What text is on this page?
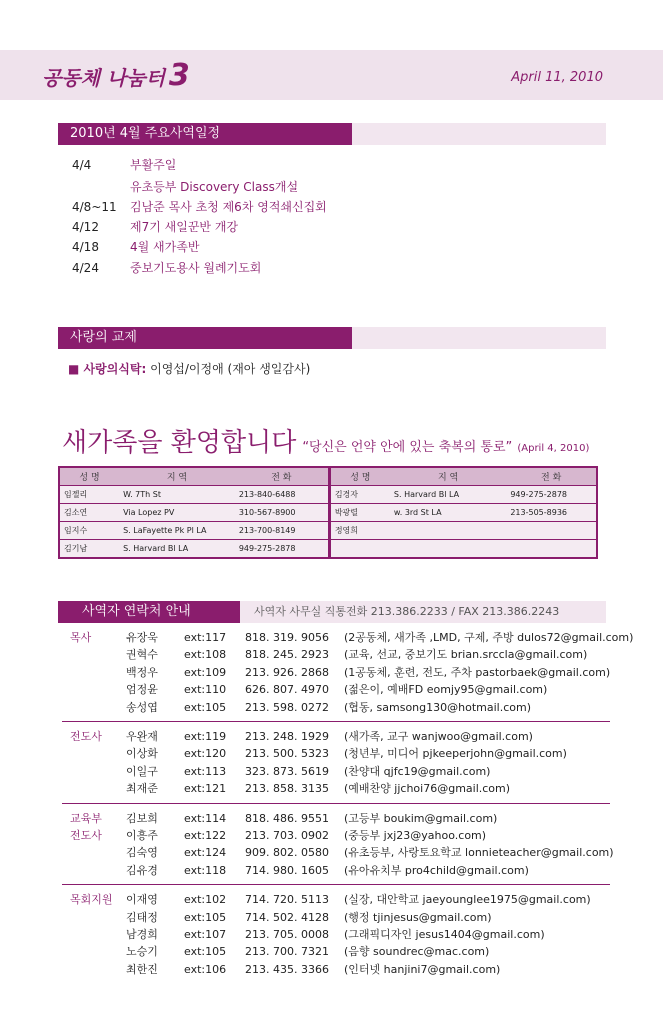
공동체 나눔터 3	April 11, 2010
2010년 4월 주요사역일정
4/4	부활주일
유초등부 Discovery Class개설
4/8~11 김남준 목사 초청 제6차 영적쇄신집회
4/12	제7기 새일꾼반 개강
4/18	4월 새가족반
4/24	중보기도용사 월례기도회
사랑의 교제
■ 사랑의식탁: 이영섭/이정애 (재아 생일감사)
새가족을 환영합니다 “당신은 언약 안에 있는 축복의 통로” (April 4, 2010)
성 명	지 역	전 화	성 명	지 역	전 화
임젤리	W. 7Th St	213-840-6488	김경자	S. Harvard Bl LA	949-275-2878
김소연	Via Lopez PV	310-567-8900	박광렬	w. 3rd St LA	213-505-8936
임지수	S. LaFayette Pk Pl LA	213-700-8149	정영희		
김기남	S. Harvard Bl LA	949-275-2878			
사역자 연락처 안내	사역자 사무실 직통전화 213.386.2233 / FAX 213.386.2243
목사	유장욱 ext:117 818. 319. 9056 (2공동체, 새가족 ,LMD, 구제, 주방 dulos72@gmail.com)
권혁수 ext:108 818. 245. 2923 (교육, 선교, 중보기도 brian.srccla@gmail.com)
백정우 ext:109 213. 926. 2868 (1공동체, 훈련, 전도, 주차 pastorbaek@gmail.com)
엄정윤 ext:110 626. 807. 4970 (젊은이, 예배FD eomjy95@gmail.com)
송성엽 ext:105 213. 598. 0272 (협동, samsong130@hotmail.com)
전도사 우완재 ext:119 213. 248. 1929 (새가족, 교구 wanjwoo@gmail.com)
이상화 ext:120 213. 500. 5323 (청년부, 미디어 pjkeeperjohn@gmail.com)
이일구 ext:113 323. 873. 5619 (찬양대 qjfc19@gmail.com)
최재준 ext:121 213. 858. 3135 (예배찬양 jjchoi76@gmail.com)
교육부 김보희 ext:114 818. 486. 9551 (고등부 boukim@gmail.com)
전도사 이흥주 ext:122 213. 703. 0902 (중등부 jxj23@yahoo.com)
김숙영 ext:124 909. 802. 0580 (유초등부, 사랑토요학교 lonnieteacher@gmail.com)
김유경 ext:118 714. 980. 1605 (유아유치부 pro4child@gmail.com)
목회지원 이재영 ext:102 714. 720. 5113 (실장, 대안학교 jaeyounglee1975@gmail.com)
김태정 ext:105 714. 502. 4128 (행정 tjinjesus@gmail.com)
남경희 ext:107 213. 705. 0008 (그래픽디자인 jesus1404@gmail.com)
노승기 ext:105 213. 700. 7321 (음향 soundrec@mac.com)
최한진 ext:106 213. 435. 3366 (인터넷 hanjini7@gmail.com)
